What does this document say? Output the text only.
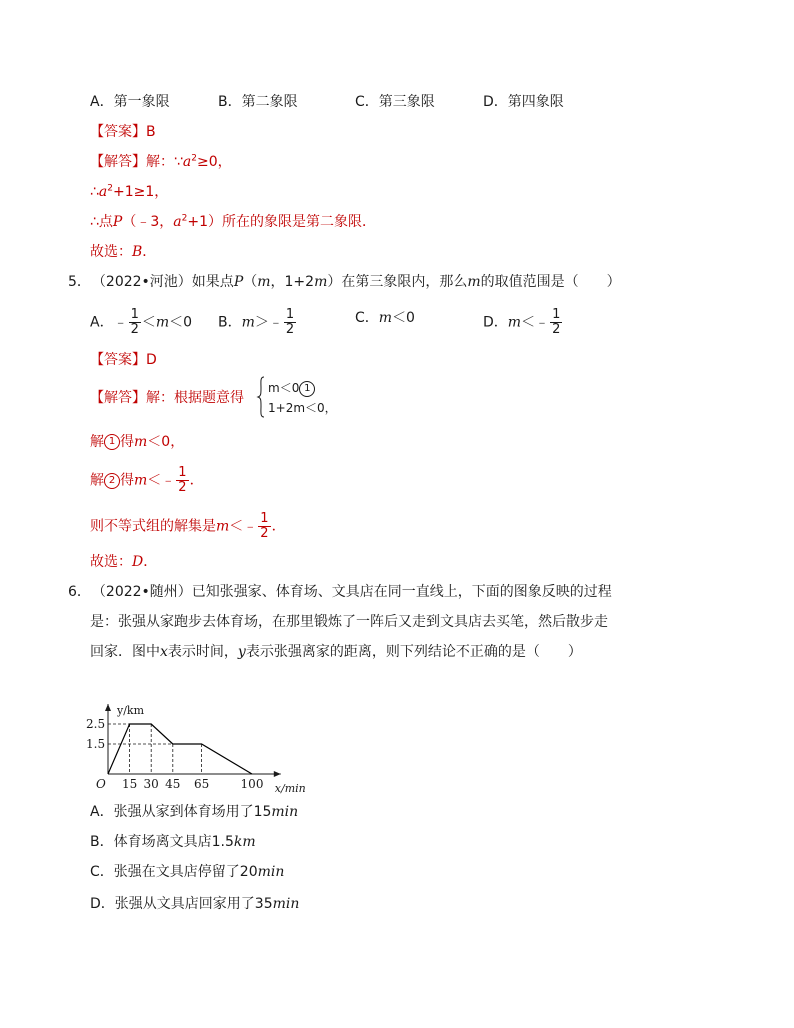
A．第一象限	B．第二象限	C．第三象限	D．第四象限
【答案】B
【解答】解：$\because a^2\ge 0$，
$\therefore a^2+1\ge 1$，
∴点P（﹣3，$a^2+1$）所在的象限是第二象限．
故选：B．
5． （2022•河池）如果点P（m，1+2m）在第三象限内，那么m的取值范围是（　　）
A．﹣ $\frac{1}{2} <m<0$ B．m＞﹣ $\frac{1}{2}$	C．m＜0	D．m＜﹣ $\frac{1}{2}$
【答案】D
【解答】解：根据题意得
m＜0 1
1+2m＜0，
解 1 得m＜0，
解 2 得m＜﹣ $\frac{1}{2}$ ．
则不等式组的解集是m＜﹣ $\frac{1}{2}$ ．
故选：D．
6． （2022•随州）已知张强家、体育场、文具店在同一直线上，下面的图象反映的过程
是：张强从家跑步去体育场，在那里锻炼了一阵后又走到文具店去买笔，然后散步走
回家．图中x表示时间，y表示张强离家的距离，则下列结论不正确的是（　　）
y/km
x/min
O
2.5
1.5
15 30 45 65	100
A．张强从家到体育场用了15min
B．体育场离文具店1.5km
C．张强在文具店停留了20min
D．张强从文具店回家用了35min
